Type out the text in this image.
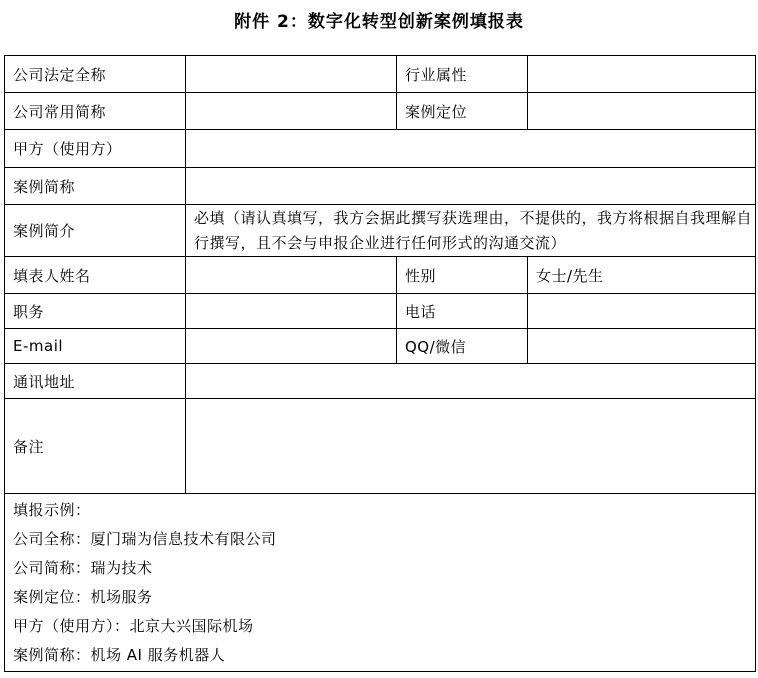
附件 2：数字化转型创新案例填报表
公司法定全称		行业属性	
公司常用简称		案例定位	
甲方（使用方）			
案例简称			
案例简介	必填（请认真填写，我方会据此撰写获选理由，不提供的，我方将根据自我理解自行撰写，且不会与申报企业进行任何形式的沟通交流）		
填表人姓名		性别	女士/先生
职务		电话	
E-mail		QQ/微信	
通讯地址			
备注			

填报示例：
公司全称：厦门瑞为信息技术有限公司
公司简称：瑞为技术
案例定位：机场服务
甲方（使用方）：北京大兴国际机场
案例简称：机场 AI 服务机器人
